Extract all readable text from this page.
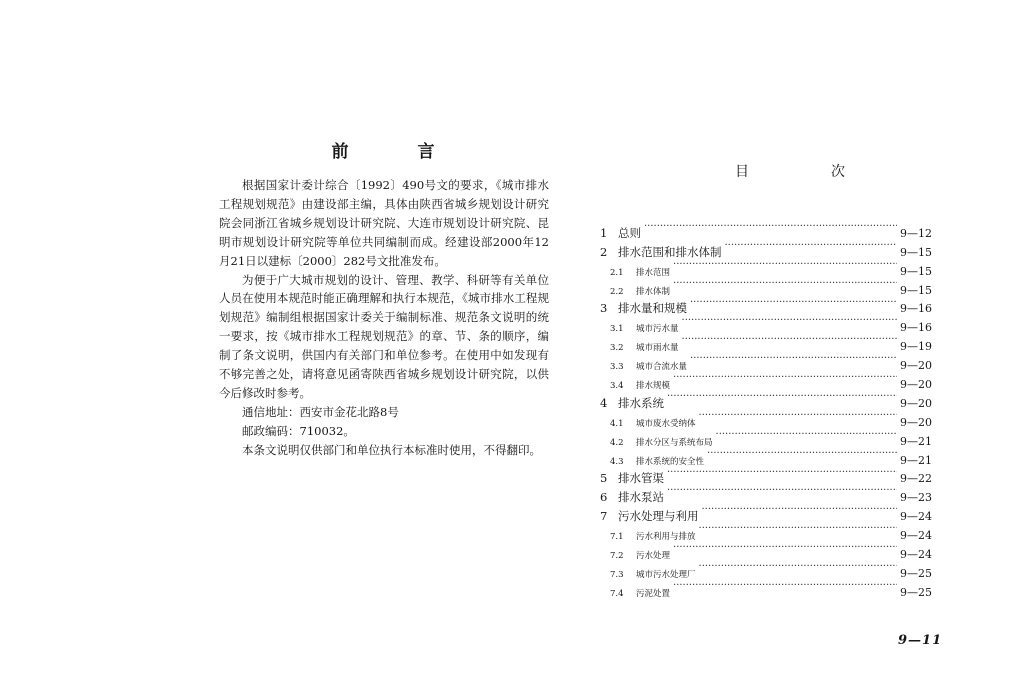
前　言

根据国家计委计综合〔1992〕490号文的要求，《城市排水工程规划规范》由建设部主编，具体由陕西省城乡规划设计研究院会同浙江省城乡规划设计研究院、大连市规划设计研究院、昆明市规划设计研究院等单位共同编制而成。经建设部2000年12月21日以建标〔2000〕282号文批准发布。

为便于广大城市规划的设计、管理、教学、科研等有关单位人员在使用本规范时能正确理解和执行本规范，《城市排水工程规划规范》编制组根据国家计委关于编制标准、规范条文说明的统一要求，按《城市排水工程规划规范》的章、节、条的顺序，编制了条文说明，供国内有关部门和单位参考。在使用中如发现有不够完善之处，请将意见函寄陕西省城乡规划设计研究院，以供今后修改时参考。

通信地址：西安市金花北路8号

邮政编码：710032。

本条文说明仅供部门和单位执行本标准时使用，不得翻印。

目　次
1 总则 ·····	9—12
2 排水范围和排水体制 ·····	9—15
2.1	排水范围 ·····	9—15
2.2	排水体制 ·····	9—15
3 排水量和规模 ·····	9—16
3.1	城市污水量 ·····	9—16
3.2	城市雨水量 ·····	9—19
3.3	城市合流水量 ·····	9—20
3.4	排水规模 ·····	9—20
4 排水系统 ·····	9—20
4.1	城市废水受纳体 ·····	9—20
4.2	排水分区与系统布局 ·····	9—21
4.3	排水系统的安全性 ·····	9—21
5 排水管渠 ·····	9—22
6 排水泵站 ·····	9—23
7 污水处理与利用 ·····	9—24
7.1	污水利用与排放 ·····	9—24
7.2	污水处理 ·····	9—24
7.3	城市污水处理厂 ·····	9—25
7.4	污泥处置 ·····	9—25
9—11
